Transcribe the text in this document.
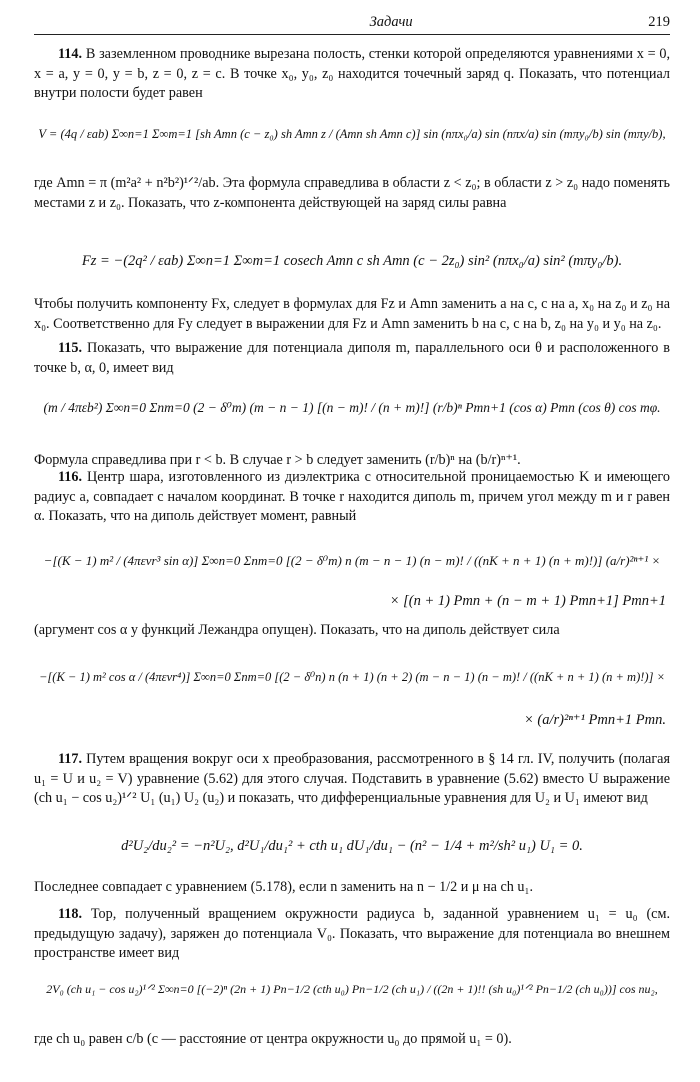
Задачи	219

114. В заземленном проводнике вырезана полость, стенки которой определяются уравнениями x = 0, x = a, y = 0, y = b, z = 0, z = c. В точке x₀, y₀, z₀ находится точечный заряд q. Показать, что потенциал внутри полости будет равен

V = (4q / εab) Σ∞n=1 Σ∞m=1 [sh Amn (c − z₀) sh Amn z / (Amn sh Amn c)] sin (nπx₀/a) sin (nπx/a) sin (mπy₀/b) sin (mπy/b),

где Amn = π (m²a² + n²b²)¹ᐟ²/ab. Эта формула справедлива в области z < z₀; в области z > z₀ надо поменять местами z и z₀. Показать, что z-компонента действующей на заряд силы равна

Fz = −(2q² / εab) Σ∞n=1 Σ∞m=1 cosech Amn c sh Amn (c − 2z₀) sin² (nπx₀/a) sin² (mπy₀/b).

Чтобы получить компоненту Fx, следует в формулах для Fz и Amn заменить a на c, c на a, x₀ на z₀ и z₀ на x₀. Соответственно для Fy следует в выражении для Fz и Amn заменить b на c, c на b, z₀ на y₀ и y₀ на z₀.

115. Показать, что выражение для потенциала диполя m, параллельного оси θ и расположенного в точке b, α, 0, имеет вид

(m / 4πεb²) Σ∞n=0 Σnm=0 (2 − δ⁰m) (m − n − 1) [(n − m)! / (n + m)!] (r/b)ⁿ Pmn+1 (cos α) Pmn (cos θ) cos mφ.

Формула справедлива при r < b. В случае r > b следует заменить (r/b)ⁿ на (b/r)ⁿ⁺¹.

116. Центр шара, изготовленного из диэлектрика с относительной проницаемостью K и имеющего радиус a, совпадает с началом координат. В точке r находится диполь m, причем угол между m и r равен α. Показать, что на диполь действует момент, равный

−[(K − 1) m² / (4πεvr³ sin α)] Σ∞n=0 Σnm=0 [(2 − δ⁰m) n (m − n − 1) (n − m)! / ((nK + n + 1) (n + m)!)] (a/r)²ⁿ⁺¹ ×
× [(n + 1) Pmn + (n − m + 1) Pmn+1] Pmn+1

(аргумент cos α у функций Лежандра опущен). Показать, что на диполь действует сила

−[(K − 1) m² cos α / (4πεvr⁴)] Σ∞n=0 Σnm=0 [(2 − δ⁰n) n (n + 1) (n + 2) (m − n − 1) (n − m)! / ((nK + n + 1) (n + m)!)] ×
× (a/r)²ⁿ⁺¹ Pmn+1 Pmn.

117. Путем вращения вокруг оси x преобразования, рассмотренного в § 14 гл. IV, получить (полагая u₁ = U и u₂ = V) уравнение (5.62) для этого случая. Подставить в уравнение (5.62) вместо U выражение (ch u₁ − cos u₂)¹ᐟ² U₁ (u₁) U₂ (u₂) и показать, что дифференциальные уравнения для U₂ и U₁ имеют вид

d²U₂/du₂² = −n²U₂, d²U₁/du₁² + cth u₁ dU₁/du₁ − (n² − 1/4 + m²/sh² u₁) U₁ = 0.

Последнее совпадает с уравнением (5.178), если n заменить на n − 1/2 и μ на ch u₁.

118. Тор, полученный вращением окружности радиуса b, заданной уравнением u₁ = u₀ (см. предыдущую задачу), заряжен до потенциала V₀. Показать, что выражение для потенциала во внешнем пространстве имеет вид

2V₀ (ch u₁ − cos u₂)¹ᐟ² Σ∞n=0 [(−2)ⁿ (2n + 1) Pn−1/2 (cth u₀) Pn−1/2 (ch u₁) / ((2n + 1)!! (sh u₀)¹ᐟ² Pn−1/2 (ch u₀))] cos nu₂,

где ch u₀ равен c/b (c — расстояние от центра окружности u₀ до прямой u₁ = 0).
